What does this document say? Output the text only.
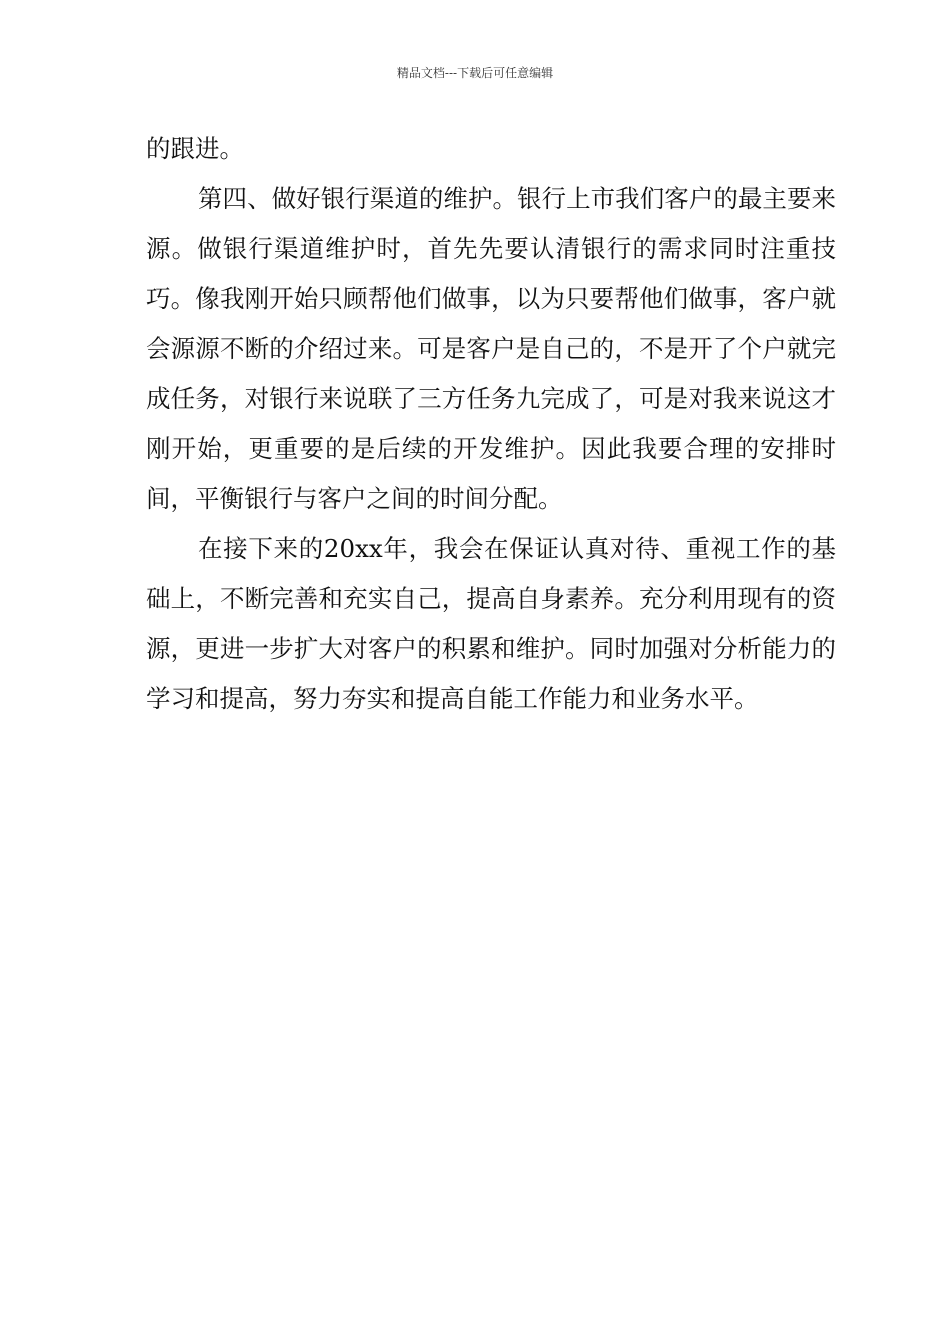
精品文档---下载后可任意编辑

的跟进。

第四、做好银行渠道的维护。银行上市我们客户的最主要来源。做银行渠道维护时，首先先要认清银行的需求同时注重技巧。像我刚开始只顾帮他们做事，以为只要帮他们做事，客户就会源源不断的介绍过来。可是客户是自己的，不是开了个户就完成任务，对银行来说联了三方任务九完成了，可是对我来说这才刚开始，更重要的是后续的开发维护。因此我要合理的安排时间，平衡银行与客户之间的时间分配。

在接下来的20xx年，我会在保证认真对待、重视工作的基础上，不断完善和充实自己，提高自身素养。充分利用现有的资源，更进一步扩大对客户的积累和维护。同时加强对分析能力的学习和提高，努力夯实和提高自能工作能力和业务水平。
